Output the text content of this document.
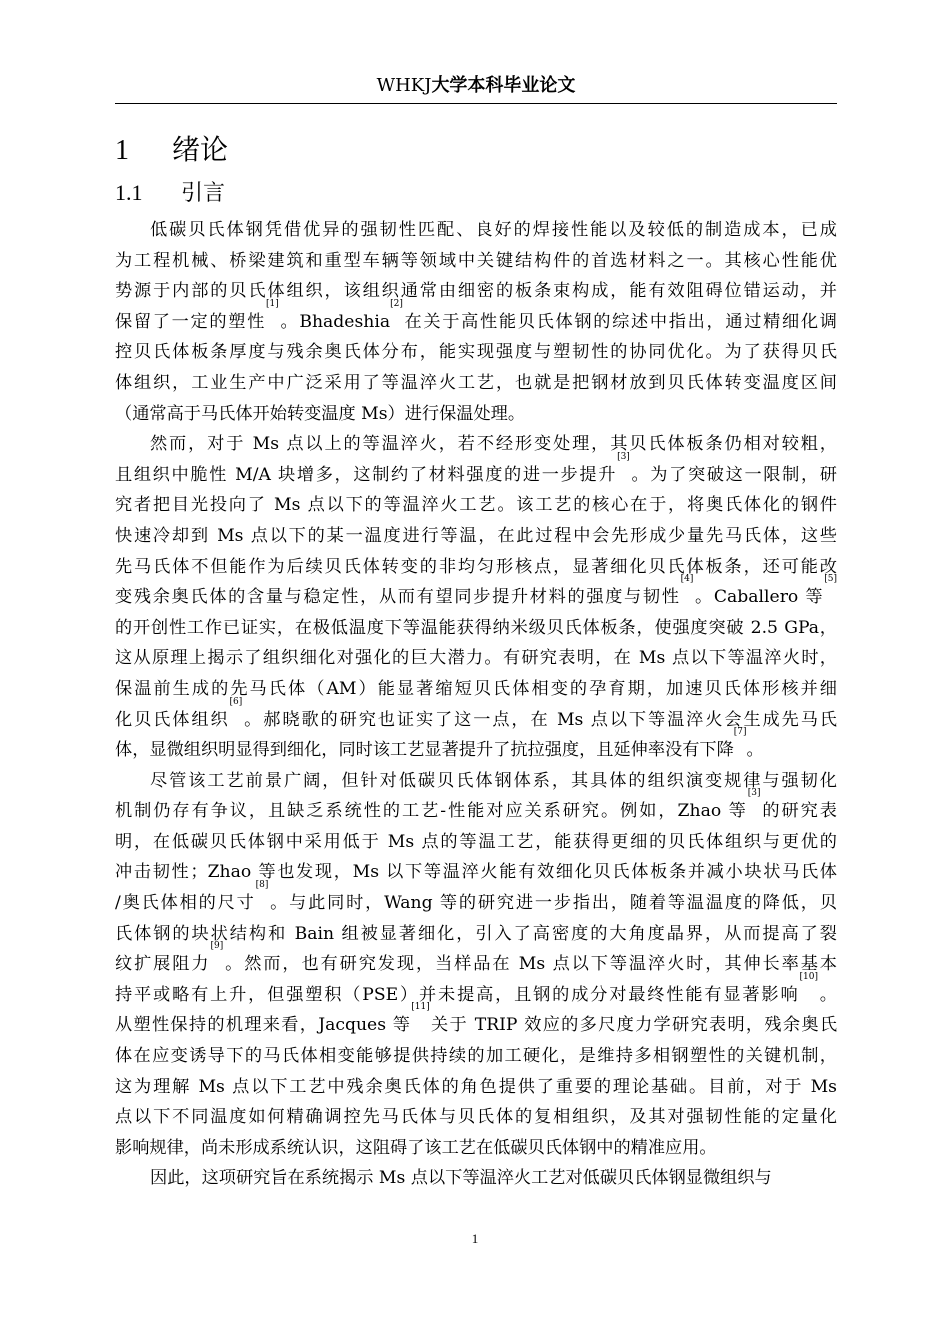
WHKJ大学本科毕业论文
1 绪论
1.1 引言
低碳贝氏体钢凭借优异的强韧性匹配、良好的焊接性能以及较低的制造成本，已成
为工程机械、桥梁建筑和重型车辆等领域中关键结构件的首选材料之一。其核心性能优
势源于内部的贝氏体组织，该组织通常由细密的板条束构成，能有效阻碍位错运动，并
保留了一定的塑性[1]。Bhadeshia[2]在关于高性能贝氏体钢的综述中指出，通过精细化调
控贝氏体板条厚度与残余奥氏体分布，能实现强度与塑韧性的协同优化。为了获得贝氏
体组织，工业生产中广泛采用了等温淬火工艺，也就是把钢材放到贝氏体转变温度区间
（通常高于马氏体开始转变温度 Ms）进行保温处理。
然而，对于 Ms 点以上的等温淬火，若不经形变处理，其贝氏体板条仍相对较粗，
且组织中脆性 M/A 块增多，这制约了材料强度的进一步提升[3]。为了突破这一限制，研
究者把目光投向了 Ms 点以下的等温淬火工艺。该工艺的核心在于，将奥氏体化的钢件
快速冷却到 Ms 点以下的某一温度进行等温，在此过程中会先形成少量先马氏体，这些
先马氏体不但能作为后续贝氏体转变的非均匀形核点，显著细化贝氏体板条，还可能改
变残余奥氏体的含量与稳定性，从而有望同步提升材料的强度与韧性[4]。Caballero 等[5]
的开创性工作已证实，在极低温度下等温能获得纳米级贝氏体板条，使强度突破 2.5 GPa，
这从原理上揭示了组织细化对强化的巨大潜力。有研究表明，在 Ms 点以下等温淬火时，
保温前生成的先马氏体（AM）能显著缩短贝氏体相变的孕育期，加速贝氏体形核并细
化贝氏体组织[6]。郝晓歌的研究也证实了这一点，在 Ms 点以下等温淬火会生成先马氏
体，显微组织明显得到细化，同时该工艺显著提升了抗拉强度，且延伸率没有下降[7]。
尽管该工艺前景广阔，但针对低碳贝氏体钢体系，其具体的组织演变规律与强韧化
机制仍存有争议，且缺乏系统性的工艺-性能对应关系研究。例如，Zhao 等[3]的研究表
明，在低碳贝氏体钢中采用低于 Ms 点的等温工艺，能获得更细的贝氏体组织与更优的
冲击韧性；Zhao 等也发现，Ms 以下等温淬火能有效细化贝氏体板条并减小块状马氏体
/奥氏体相的尺寸[8]。与此同时，Wang 等的研究进一步指出，随着等温温度的降低，贝
氏体钢的块状结构和 Bain 组被显著细化，引入了高密度的大角度晶界，从而提高了裂
纹扩展阻力[9]。然而，也有研究发现，当样品在 Ms 点以下等温淬火时，其伸长率基本
持平或略有上升，但强塑积（PSE）并未提高，且钢的成分对最终性能有显著影响[10]。
从塑性保持的机理来看，Jacques 等[11]关于 TRIP 效应的多尺度力学研究表明，残余奥氏
体在应变诱导下的马氏体相变能够提供持续的加工硬化，是维持多相钢塑性的关键机制，
这为理解 Ms 点以下工艺中残余奥氏体的角色提供了重要的理论基础。目前，对于 Ms
点以下不同温度如何精确调控先马氏体与贝氏体的复相组织，及其对强韧性能的定量化
影响规律，尚未形成系统认识，这阻碍了该工艺在低碳贝氏体钢中的精准应用。
因此，这项研究旨在系统揭示 Ms 点以下等温淬火工艺对低碳贝氏体钢显微组织与
1
